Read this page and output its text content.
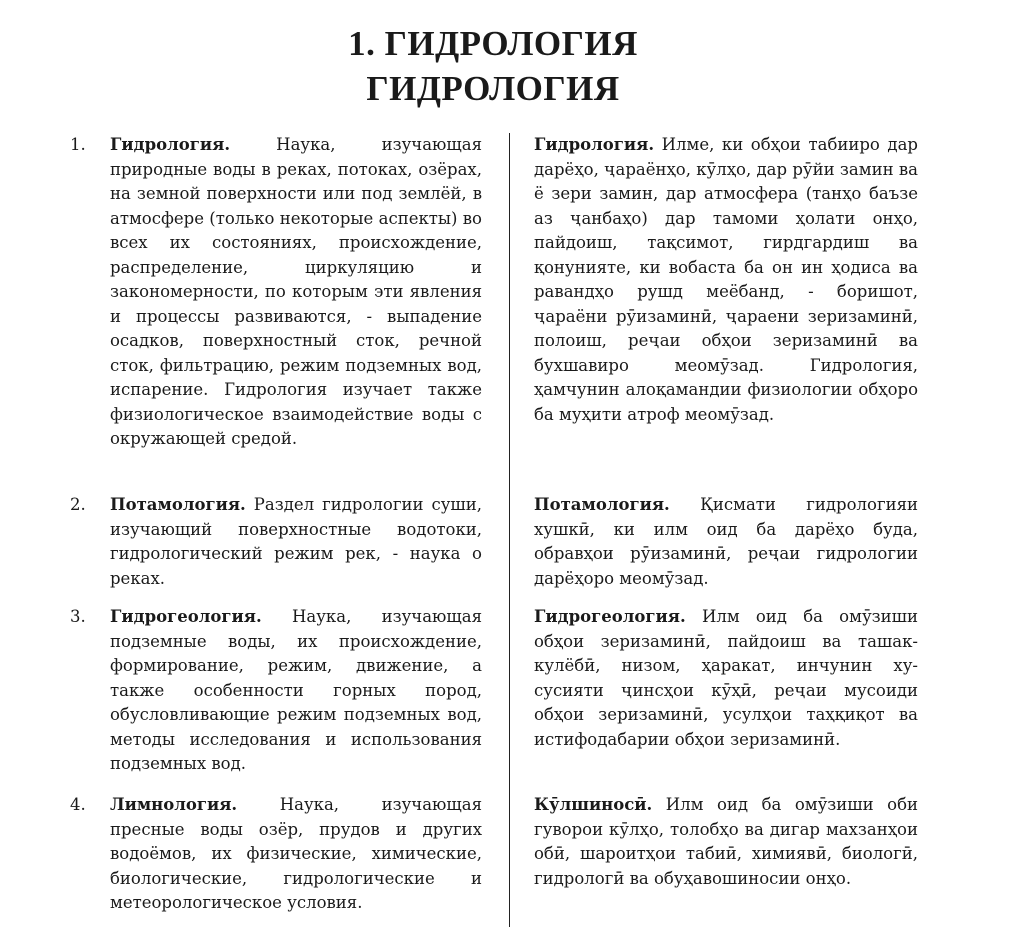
1. ГИДРОЛОГИЯ
ГИДРОЛОГИЯ
1. Гидрология. Наука, изучающая природные воды в реках, потоках, озёрах, на земной поверхности или под землёй, в атмосфере (только некоторые аспекты) во всех их состояниях, происхождение, распределение, циркуляцию и закономерности, по которым эти явления и процессы развиваются, - выпадение осадков, поверхностный сток, речной сток, фильтрацию, режим подземных вод, испарение. Гидрология изучает также физиологическое взаимодействие воды с окружающей средой.
Гидрология. Илме, ки обҳои табииро дар дарёҳо, ҷараёнҳо, кӯлҳо, дар рӯйи замин ва ё зери замин, дар атмосфера (танҳо баъзе аз ҷанбаҳо) дар тамоми ҳолати онҳо, пайдоиш, тақсимот, гирдгардиш ва қонунияте, ки вобаста ба он ин ҳодиса ва равандҳо рушд меёбанд, - боришот, ҷараёни рӯизаминӣ, ҷараени зеризаминӣ, полоиш, реҷаи обҳои зеризаминӣ ва бухшавиро меомӯзад. Гидрология, ҳамчунин алоқамандии физиологии обҳоро ба муҳити атроф меомӯзад.
2. Потамология. Раздел гидрологии суши, изучающий поверхностные водотоки, гидрологический режим рек, - наука о реках.
Потамология. Қисмати гидрологияи хушкӣ, ки илм оид ба дарёҳо буда, обравҳои рӯизаминӣ, реҷаи гидрологии дарёҳоро меомӯзад.
3. Гидрогеология. Наука, изучающая подземные воды, их происхождение, формирование, режим, движение, а также особенности горных пород, обусловливающие режим подземных вод, методы исследования и использования подземных вод.
Гидрогеология. Илм оид ба омӯзиши обҳои зеризаминӣ, пайдоиш ва ташаккулёбӣ, низом, ҳаракат, инчунин хусусияти ҷинсҳои кӯҳӣ, реҷаи мусоиди обҳои зеризаминӣ, усулҳои таҳқиқот ва истифодабарии обҳои зеризаминӣ.
4. Лимнология. Наука, изучающая пресные воды озёр, прудов и других водоёмов, их физические, химические, биологические, гидрологические и метеорологическое условия.
Кӯлшиносӣ. Илм оид ба омӯзиши оби гуворои кӯлҳо, толобҳо ва дигар махзанҳои обӣ, шароитҳои табиӣ, химиявӣ, биологӣ, гидрологӣ ва обуҳавошиносии онҳо.
